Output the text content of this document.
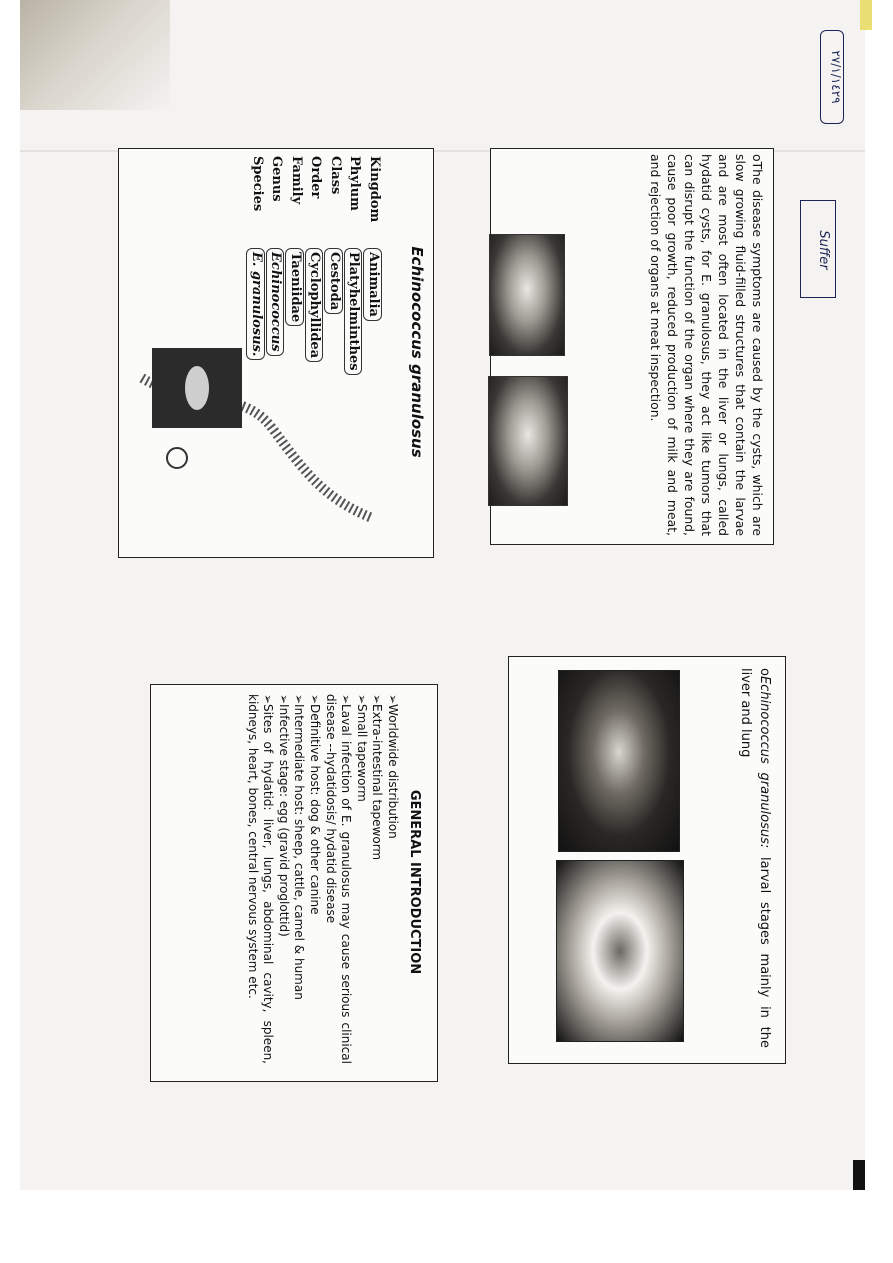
٢٧/١/١٤٢٩
Suffer
Echinococcus granulosus
Kingdom
Animalia
Phylum
Platyhelminthes
Class
Cestoda
Order
Cyclophyllidea
Family
Taeniidae
Genus
Echinococcus
Species
E. granulosus.
oThe disease symptoms are caused by the cysts, which are slow growing fluid-filled structures that contain the larvae and are most often located in the liver or lungs, called hydatid cysts, for E. granulosus, they act like tumors that can disrupt the function of the organ where they are found, cause poor growth, reduced production of milk and meat, and rejection of organs at meat inspection.
oEchinococcus granulosus: larval stages mainly in the liver and lung
GENERAL INTRODUCTION
➢Worldwide distribution
➢Extra-intestinal tapeworm
➢Small tapeworm
➢Laval infection of E. granulosus may cause serious clinical disease --hydatidosis/ hydatid disease
➢Definitive host: dog & other canine
➢Intermediate host: sheep, cattle, camel & human
➢Infective stage: egg (gravid proglottid)
➢Sites of hydatid: liver, lungs, abdominal cavity, spleen, kidneys, heart, bones, central nervous system etc.
